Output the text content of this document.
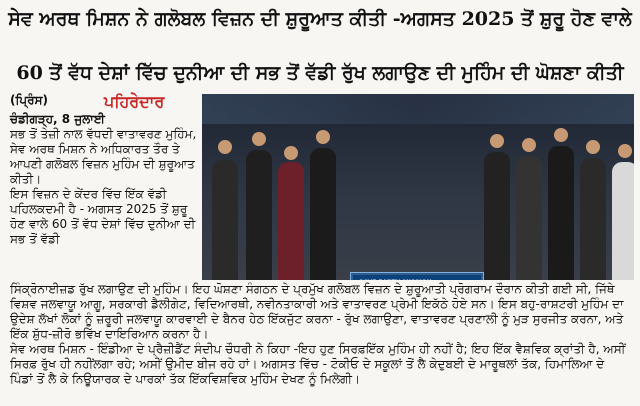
ਸੇਵ ਅਰਥ ਮਿਸ਼ਨ ਨੇ ਗਲੋਬਲ ਵਿਜ਼ਨ ਦੀ ਸ਼ੁਰੂਆਤ ਕੀਤੀ -ਅਗਸਤ 2025 ਤੋਂ ਸ਼ੁਰੂ ਹੋਣ ਵਾਲੇ
60 ਤੋਂ ਵੱਧ ਦੇਸ਼ਾਂ ਵਿੱਚ ਦੁਨੀਆ ਦੀ ਸਭ ਤੋਂ ਵੱਡੀ ਰੁੱਖ ਲਗਾਉਣ ਦੀ ਮੁਹਿੰਮ ਦੀ ਘੋਸ਼ਣਾ ਕੀਤੀ
(ਪ੍ਰਿੰਸ)	ਪਹਿਰੇਦਾਰ
ਚੰਡੀਗੜ੍ਹ, 8 ਜੁਲਾਈ
ਸਭ ਤੋਂ ਤੇਜ਼ੀ ਨਾਲ ਵੱਧਦੀ ਵਾਤਾਵਰਣ ਮੁਹਿੰਮ, ਸੇਵ ਅਰਥ ਮਿਸ਼ਨ ਨੇ ਅਧਿਕਾਰਤ ਤੌਰ ਤੇ ਆਪਣੀ ਗਲੋਬਲ ਵਿਜ਼ਨ ਮੁਹਿੰਮ ਦੀ ਸ਼ੁਰੂਆਤ ਕੀਤੀ।
ਇਸ ਵਿਜ਼ਨ ਦੇ ਕੇਂਦਰ ਵਿੱਚ ਇੱਕ ਵੱਡੀ ਪਹਿਲਕਦਮੀ ਹੈ - ਅਗਸਤ 2025 ਤੋਂ ਸ਼ੁਰੂ ਹੋਣ ਵਾਲੇ 60 ਤੋਂ ਵੱਧ ਦੇਸ਼ਾਂ ਵਿੱਚ ਦੁਨੀਆ ਦੀ ਸਭ ਤੋਂ ਵੱਡੀ
ਸਿੰਕ੍ਰੋਨਾਈਜ਼ਡ ਰੁੱਖ ਲਗਾਉਣ ਦੀ ਮੁਹਿੰਮ। ਇਹ ਘੋਸ਼ਣਾ ਸੰਗਠਨ ਦੇ ਪ੍ਰਮੁੱਖ ਗਲੋਬਲ ਵਿਜ਼ਨ ਦੇ ਸ਼ੁਰੂਆਤੀ ਪ੍ਰੋਗਰਾਮ ਦੌਰਾਨ ਕੀਤੀ ਗਈ ਸੀ, ਜਿੱਥੇ ਵਿਸ਼ਵ ਜਲਵਾਯੂ ਆਗੂ, ਸਰਕਾਰੀ ਡੈਲੀਗੇਟ, ਵਿਦਿਆਰਥੀ, ਨਵੀਨਤਾਕਾਰੀ ਅਤੇ ਵਾਤਾਵਰਣ ਪ੍ਰੇਮੀ ਇਕੱਠੇ ਹੋਏ ਸਨ। ਇਸ ਬਹੁ-ਰਾਸ਼ਟਰੀ ਮੁਹਿੰਮ ਦਾ ਉਦੇਸ਼ ਲੱਖਾਂ ਲੋਕਾਂ ਨੂੰ ਜ਼ਰੂਰੀ ਜਲਵਾਯੂ ਕਾਰਵਾਈ ਦੇ ਬੈਨਰ ਹੇਠ ਇੱਕਜੁੱਟ ਕਰਨਾ - ਰੁੱਖ ਲਗਾਉਣਾ, ਵਾਤਾਵਰਣ ਪ੍ਰਣਾਲੀ ਨੂੰ ਮੁੜ ਸੁਰਜੀਤ ਕਰਨਾ, ਅਤੇ ਇੱਕ ਸ਼ੁੱਧ-ਜ਼ੀਰੋ ਭਵਿੱਖ ਦਾਇਰਿਆਨ ਕਰਨਾ ਹੈ।
ਸੇਵ ਅਰਥ ਮਿਸ਼ਨ - ਇੰਡੀਆ ਦੇ ਪ੍ਰੈਜ਼ੀਡੈਂਟ ਸੰਦੀਪ ਚੌਧਰੀ ਨੇ ਕਿਹਾ -ਇਹ ਹੁਣ ਸਿਰਫ਼ਇੱਕ ਮੁਹਿੰਮ ਹੀ ਨਹੀਂ ਹੈ; ਇਹ ਇੱਕ ਵੈਸ਼ਵਿਕ ਕ੍ਰਾਂਤੀ ਹੈ, ਅਸੀਂ ਸਿਰਫ਼ ਰੁੱਖ ਹੀ ਨਹੀਂਲਗਾ ਰਹੇ; ਅਸੀਂ ਉਮੀਦ ਬੀਜ ਰਹੇ ਹਾਂ। ਅਗਸਤ ਵਿੱਚ - ਟੋਕੀਓ ਦੇ ਸਕੂਲਾਂ ਤੋਂ ਲੈ ਕੇਦੁਬਈ ਦੇ ਮਾਰੂਥਲਾਂ ਤੱਕ, ਹਿਮਾਲਿਆ ਦੇ ਪਿੰਡਾਂ ਤੋਂ ਲੈ ਕੇ ਨਿਊਯਾਰਕ ਦੇ ਪਾਰਕਾਂ ਤੱਕ ਇੱਕਵਿਸ਼ਵਿਕ ਮੁਹਿੰਮ ਦੇਖਣ ਨੂੰ ਮਿਲੇਗੀ।
